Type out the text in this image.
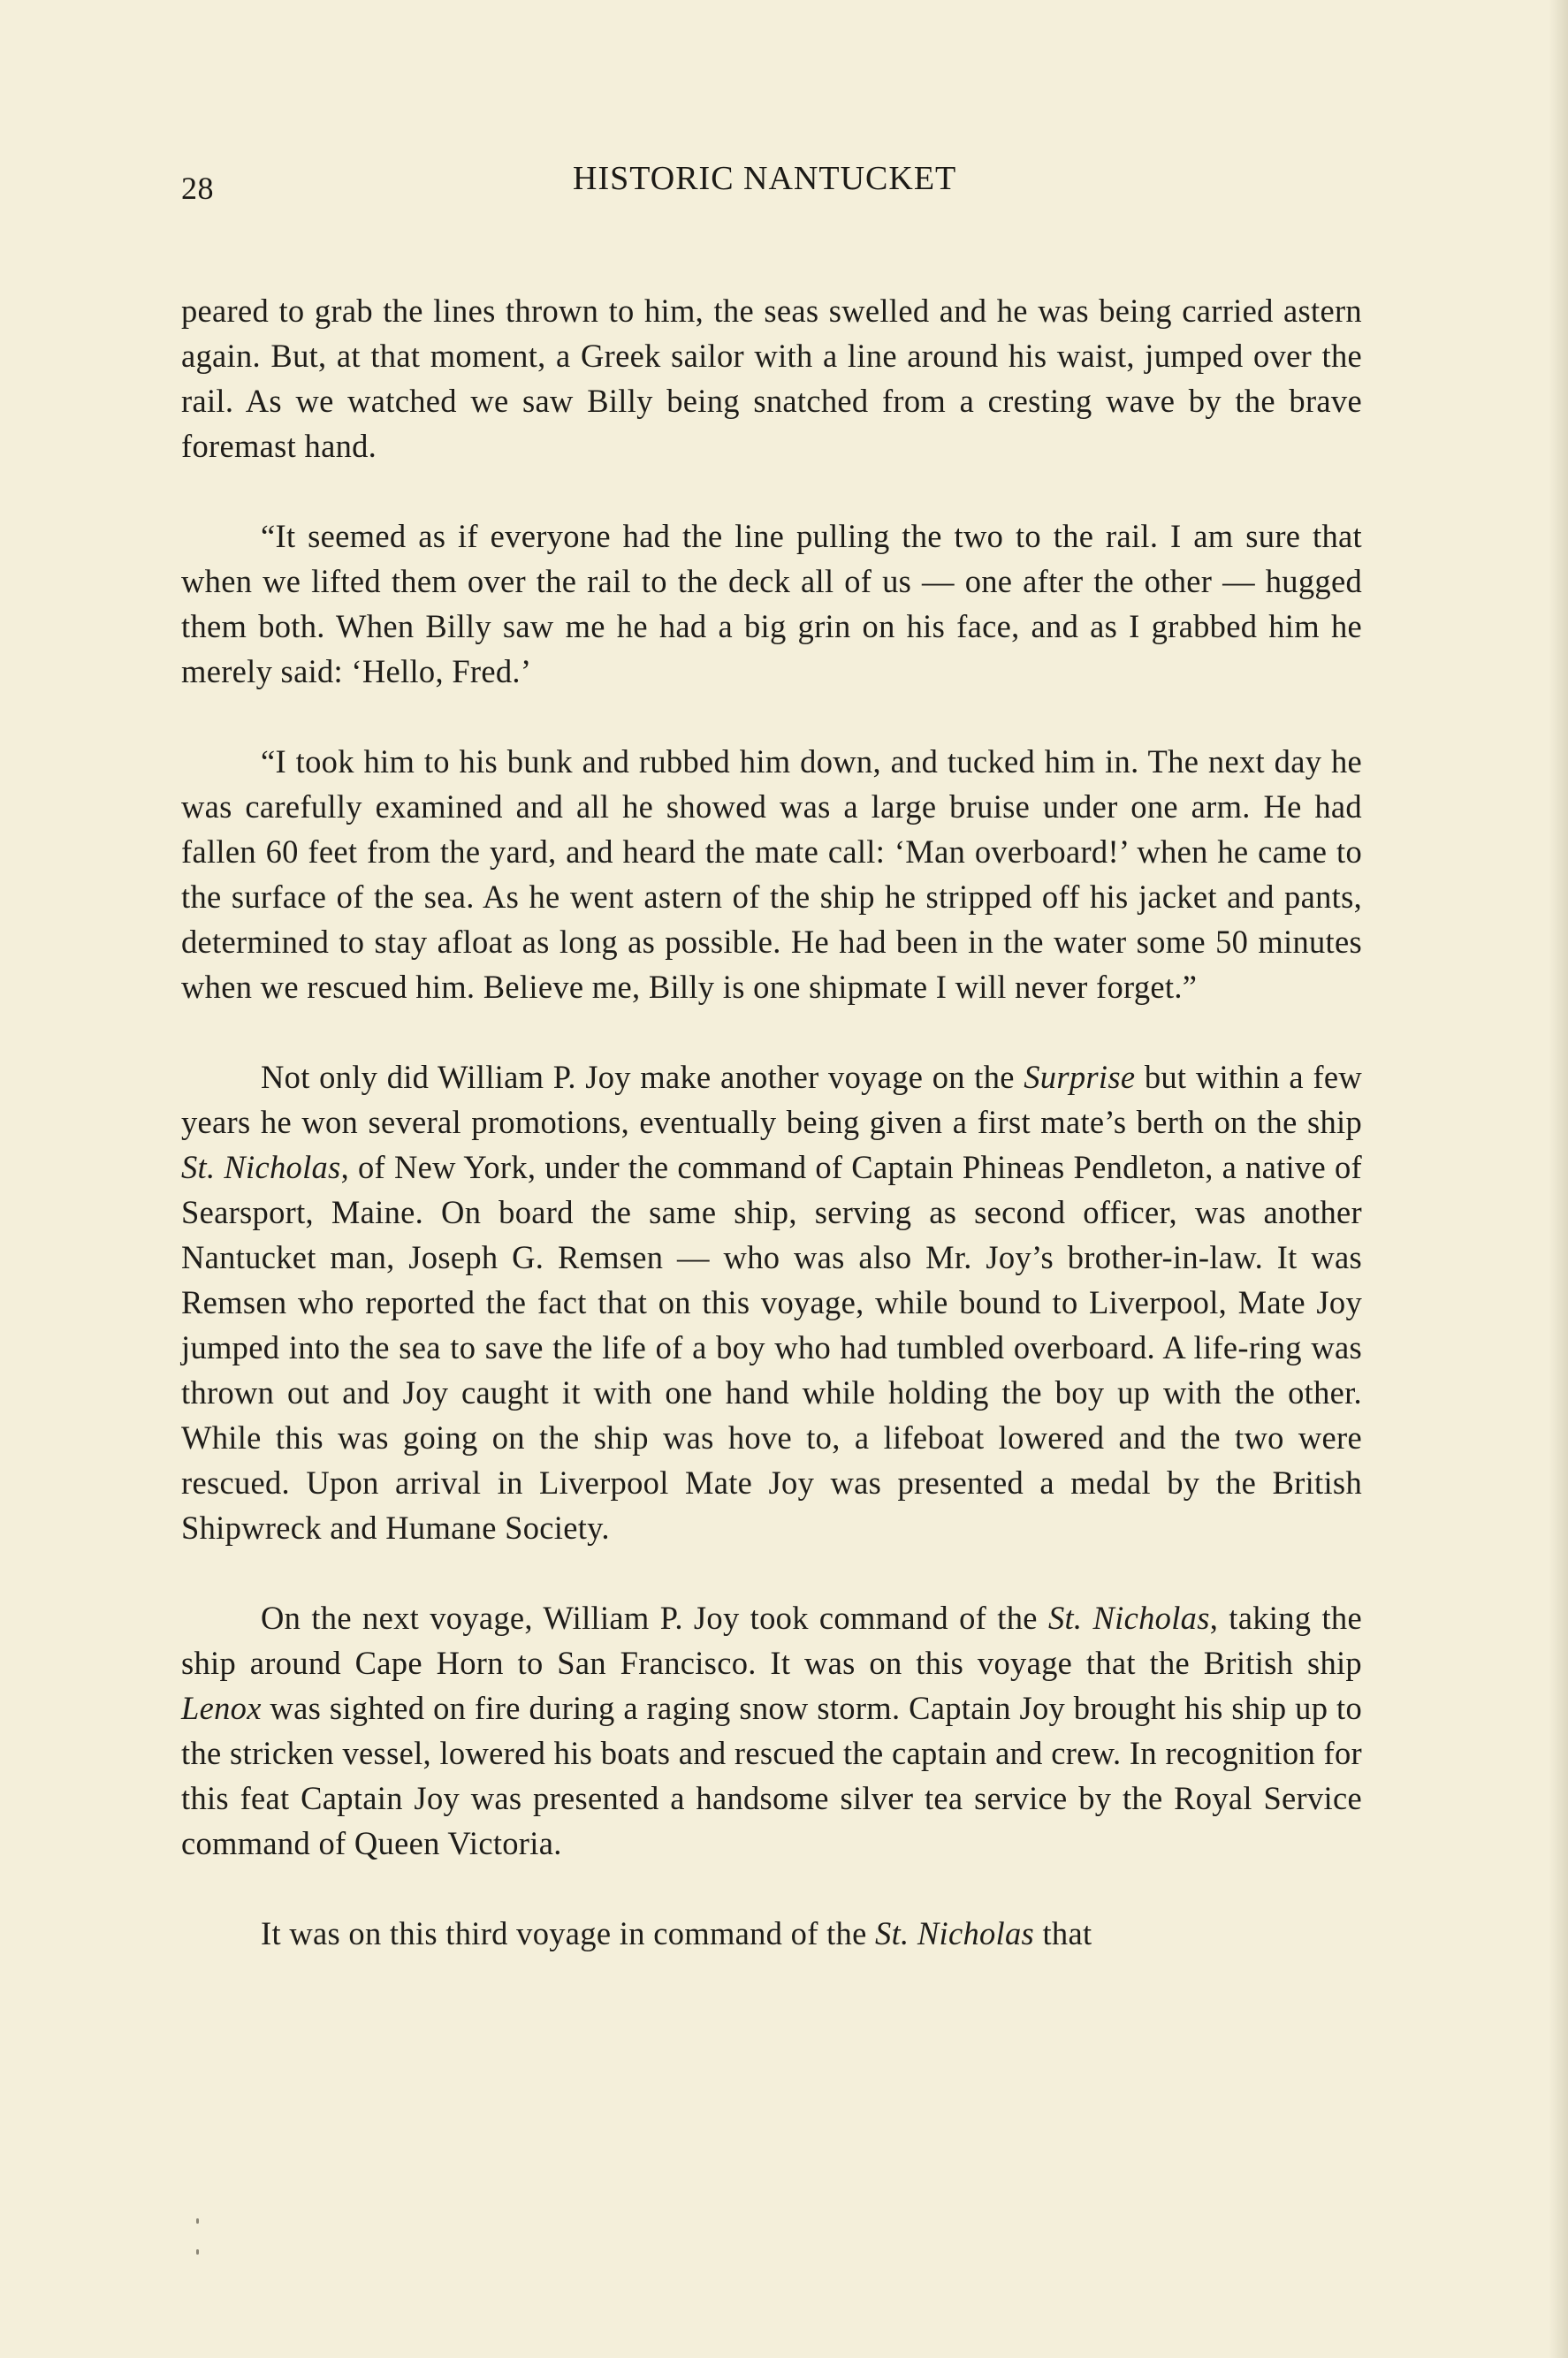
28	HISTORIC NANTUCKET

peared to grab the lines thrown to him, the seas swelled and he was being carried astern again. But, at that moment, a Greek sailor with a line around his waist, jumped over the rail. As we watched we saw Billy being snatched from a cresting wave by the brave foremast hand.

“It seemed as if everyone had the line pulling the two to the rail. I am sure that when we lifted them over the rail to the deck all of us — one after the other — hugged them both. When Billy saw me he had a big grin on his face, and as I grabbed him he merely said: ‘Hello, Fred.’

“I took him to his bunk and rubbed him down, and tucked him in. The next day he was carefully examined and all he showed was a large bruise under one arm. He had fallen 60 feet from the yard, and heard the mate call: ‘Man overboard!’ when he came to the surface of the sea. As he went astern of the ship he stripped off his jacket and pants, determined to stay afloat as long as possible. He had been in the water some 50 minutes when we rescued him. Believe me, Billy is one shipmate I will never forget.”

Not only did William P. Joy make another voyage on the Surprise but within a few years he won several promotions, eventually being given a first mate’s berth on the ship St. Nicholas, of New York, under the command of Captain Phineas Pendleton, a native of Searsport, Maine. On board the same ship, serving as second officer, was another Nantucket man, Joseph G. Remsen — who was also Mr. Joy’s brother-in-law. It was Remsen who reported the fact that on this voyage, while bound to Liverpool, Mate Joy jumped into the sea to save the life of a boy who had tumbled overboard. A life-ring was thrown out and Joy caught it with one hand while holding the boy up with the other. While this was going on the ship was hove to, a lifeboat lowered and the two were rescued. Upon arrival in Liverpool Mate Joy was presented a medal by the British Shipwreck and Humane Society.

On the next voyage, William P. Joy took command of the St. Nicholas, taking the ship around Cape Horn to San Francisco. It was on this voyage that the British ship Lenox was sighted on fire during a raging snow storm. Captain Joy brought his ship up to the stricken vessel, lowered his boats and rescued the captain and crew. In recognition for this feat Captain Joy was presented a handsome silver tea service by the Royal Service command of Queen Victoria.

It was on this third voyage in command of the St. Nicholas that
